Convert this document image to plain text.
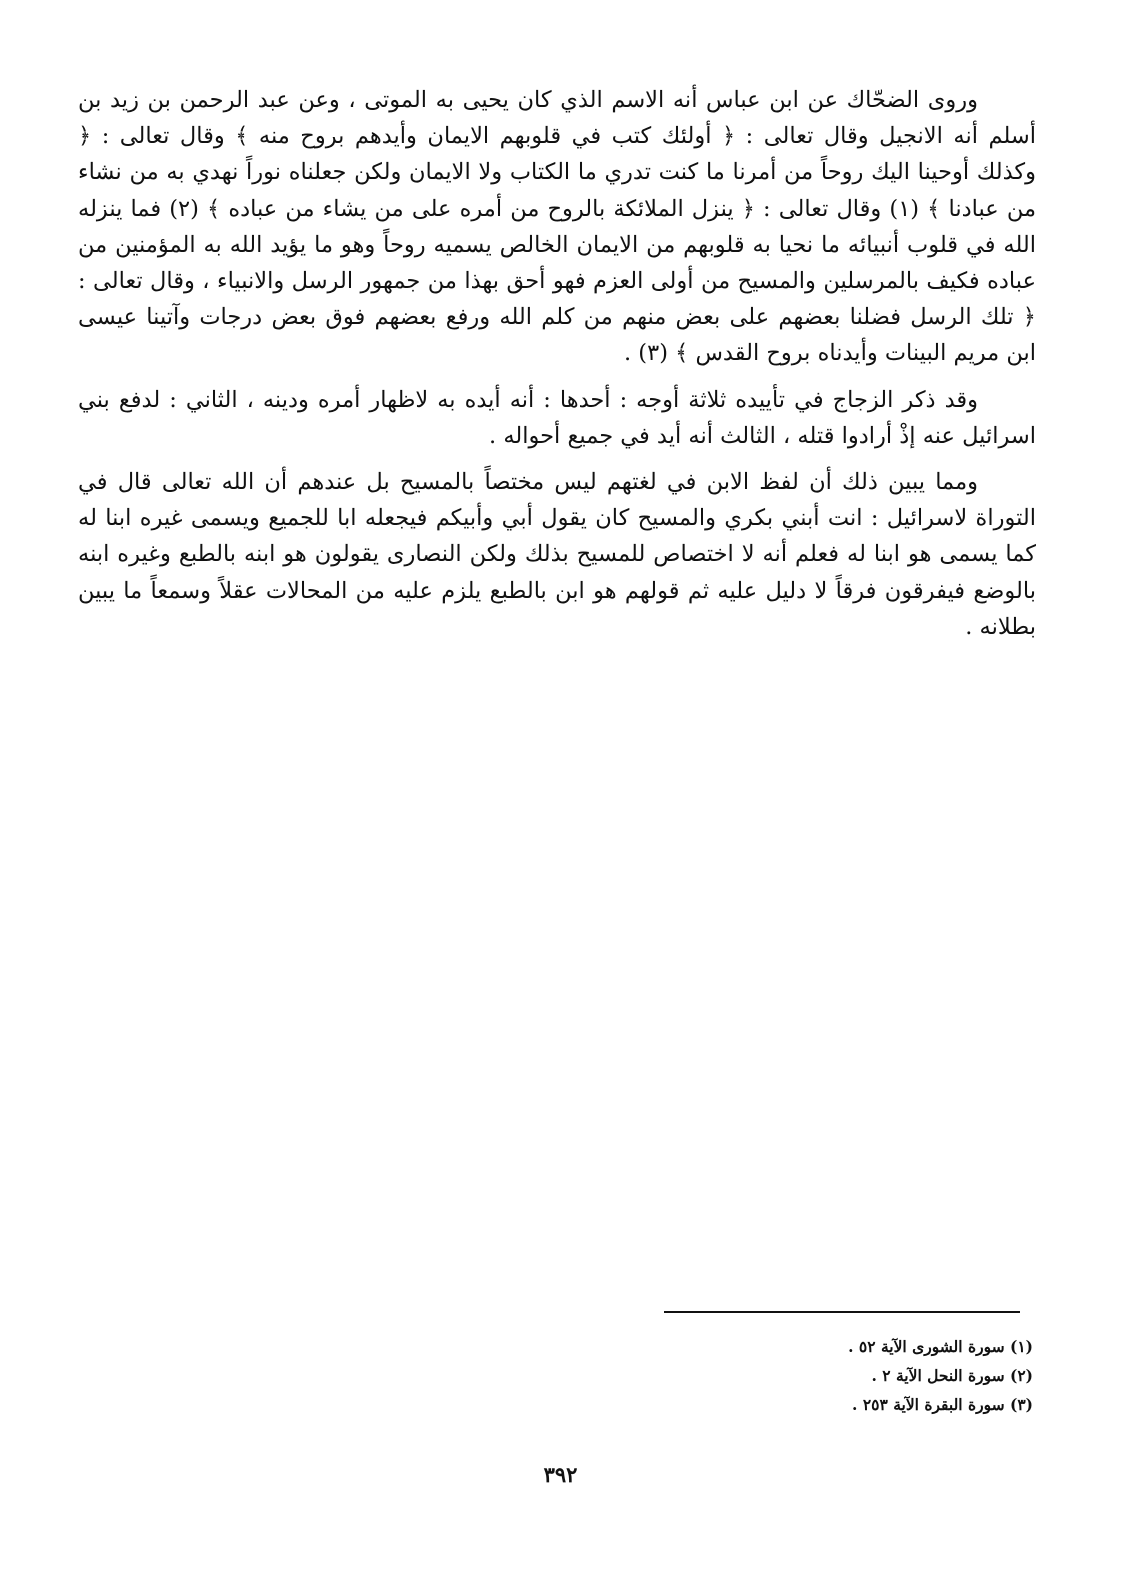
وروى الضحّاك عن ابن عباس أنه الاسم الذي كان يحيى به الموتى ، وعن عبد الرحمن بن زيد بن أسلم أنه الانجيل وقال تعالى : ﴿ أولئك كتب في قلوبهم الايمان وأيدهم بروح منه ﴾ وقال تعالى : ﴿ وكذلك أوحينا اليك روحاً من أمرنا ما كنت تدري ما الكتاب ولا الايمان ولكن جعلناه نوراً نهدي به من نشاء من عبادنا ﴾ (١) وقال تعالى : ﴿ ينزل الملائكة بالروح من أمره على من يشاء من عباده ﴾ (٢) فما ينزله الله في قلوب أنبيائه ما نحيا به قلوبهم من الايمان الخالص يسميه روحاً وهو ما يؤيد الله به المؤمنين من عباده فكيف بالمرسلين والمسيح من أولى العزم فهو أحق بهذا من جمهور الرسل والانبياء ، وقال تعالى : ﴿ تلك الرسل فضلنا بعضهم على بعض منهم من كلم الله ورفع بعضهم فوق بعض درجات وآتينا عيسى ابن مريم البينات وأيدناه بروح القدس ﴾ (٣) .

وقد ذكر الزجاج في تأييده ثلاثة أوجه : أحدها : أنه أيده به لاظهار أمره ودينه ، الثاني : لدفع بني اسرائيل عنه إذْ أرادوا قتله ، الثالث أنه أيد في جميع أحواله .

ومما يبين ذلك أن لفظ الابن في لغتهم ليس مختصاً بالمسيح بل عندهم أن الله تعالى قال في التوراة لاسرائيل : انت أبني بكري والمسيح كان يقول أبي وأبيكم فيجعله ابا للجميع ويسمى غيره ابنا له كما يسمى هو ابنا له فعلم أنه لا اختصاص للمسيح بذلك ولكن النصارى يقولون هو ابنه بالطبع وغيره ابنه بالوضع فيفرقون فرقاً لا دليل عليه ثم قولهم هو ابن بالطبع يلزم عليه من المحالات عقلاً وسمعاً ما يبين بطلانه .

(١) سورة الشورى الآية ٥٢ .

(٢) سورة النحل الآية ٢ .

(٣) سورة البقرة الآية ٢٥٣ .

٣٩٢
